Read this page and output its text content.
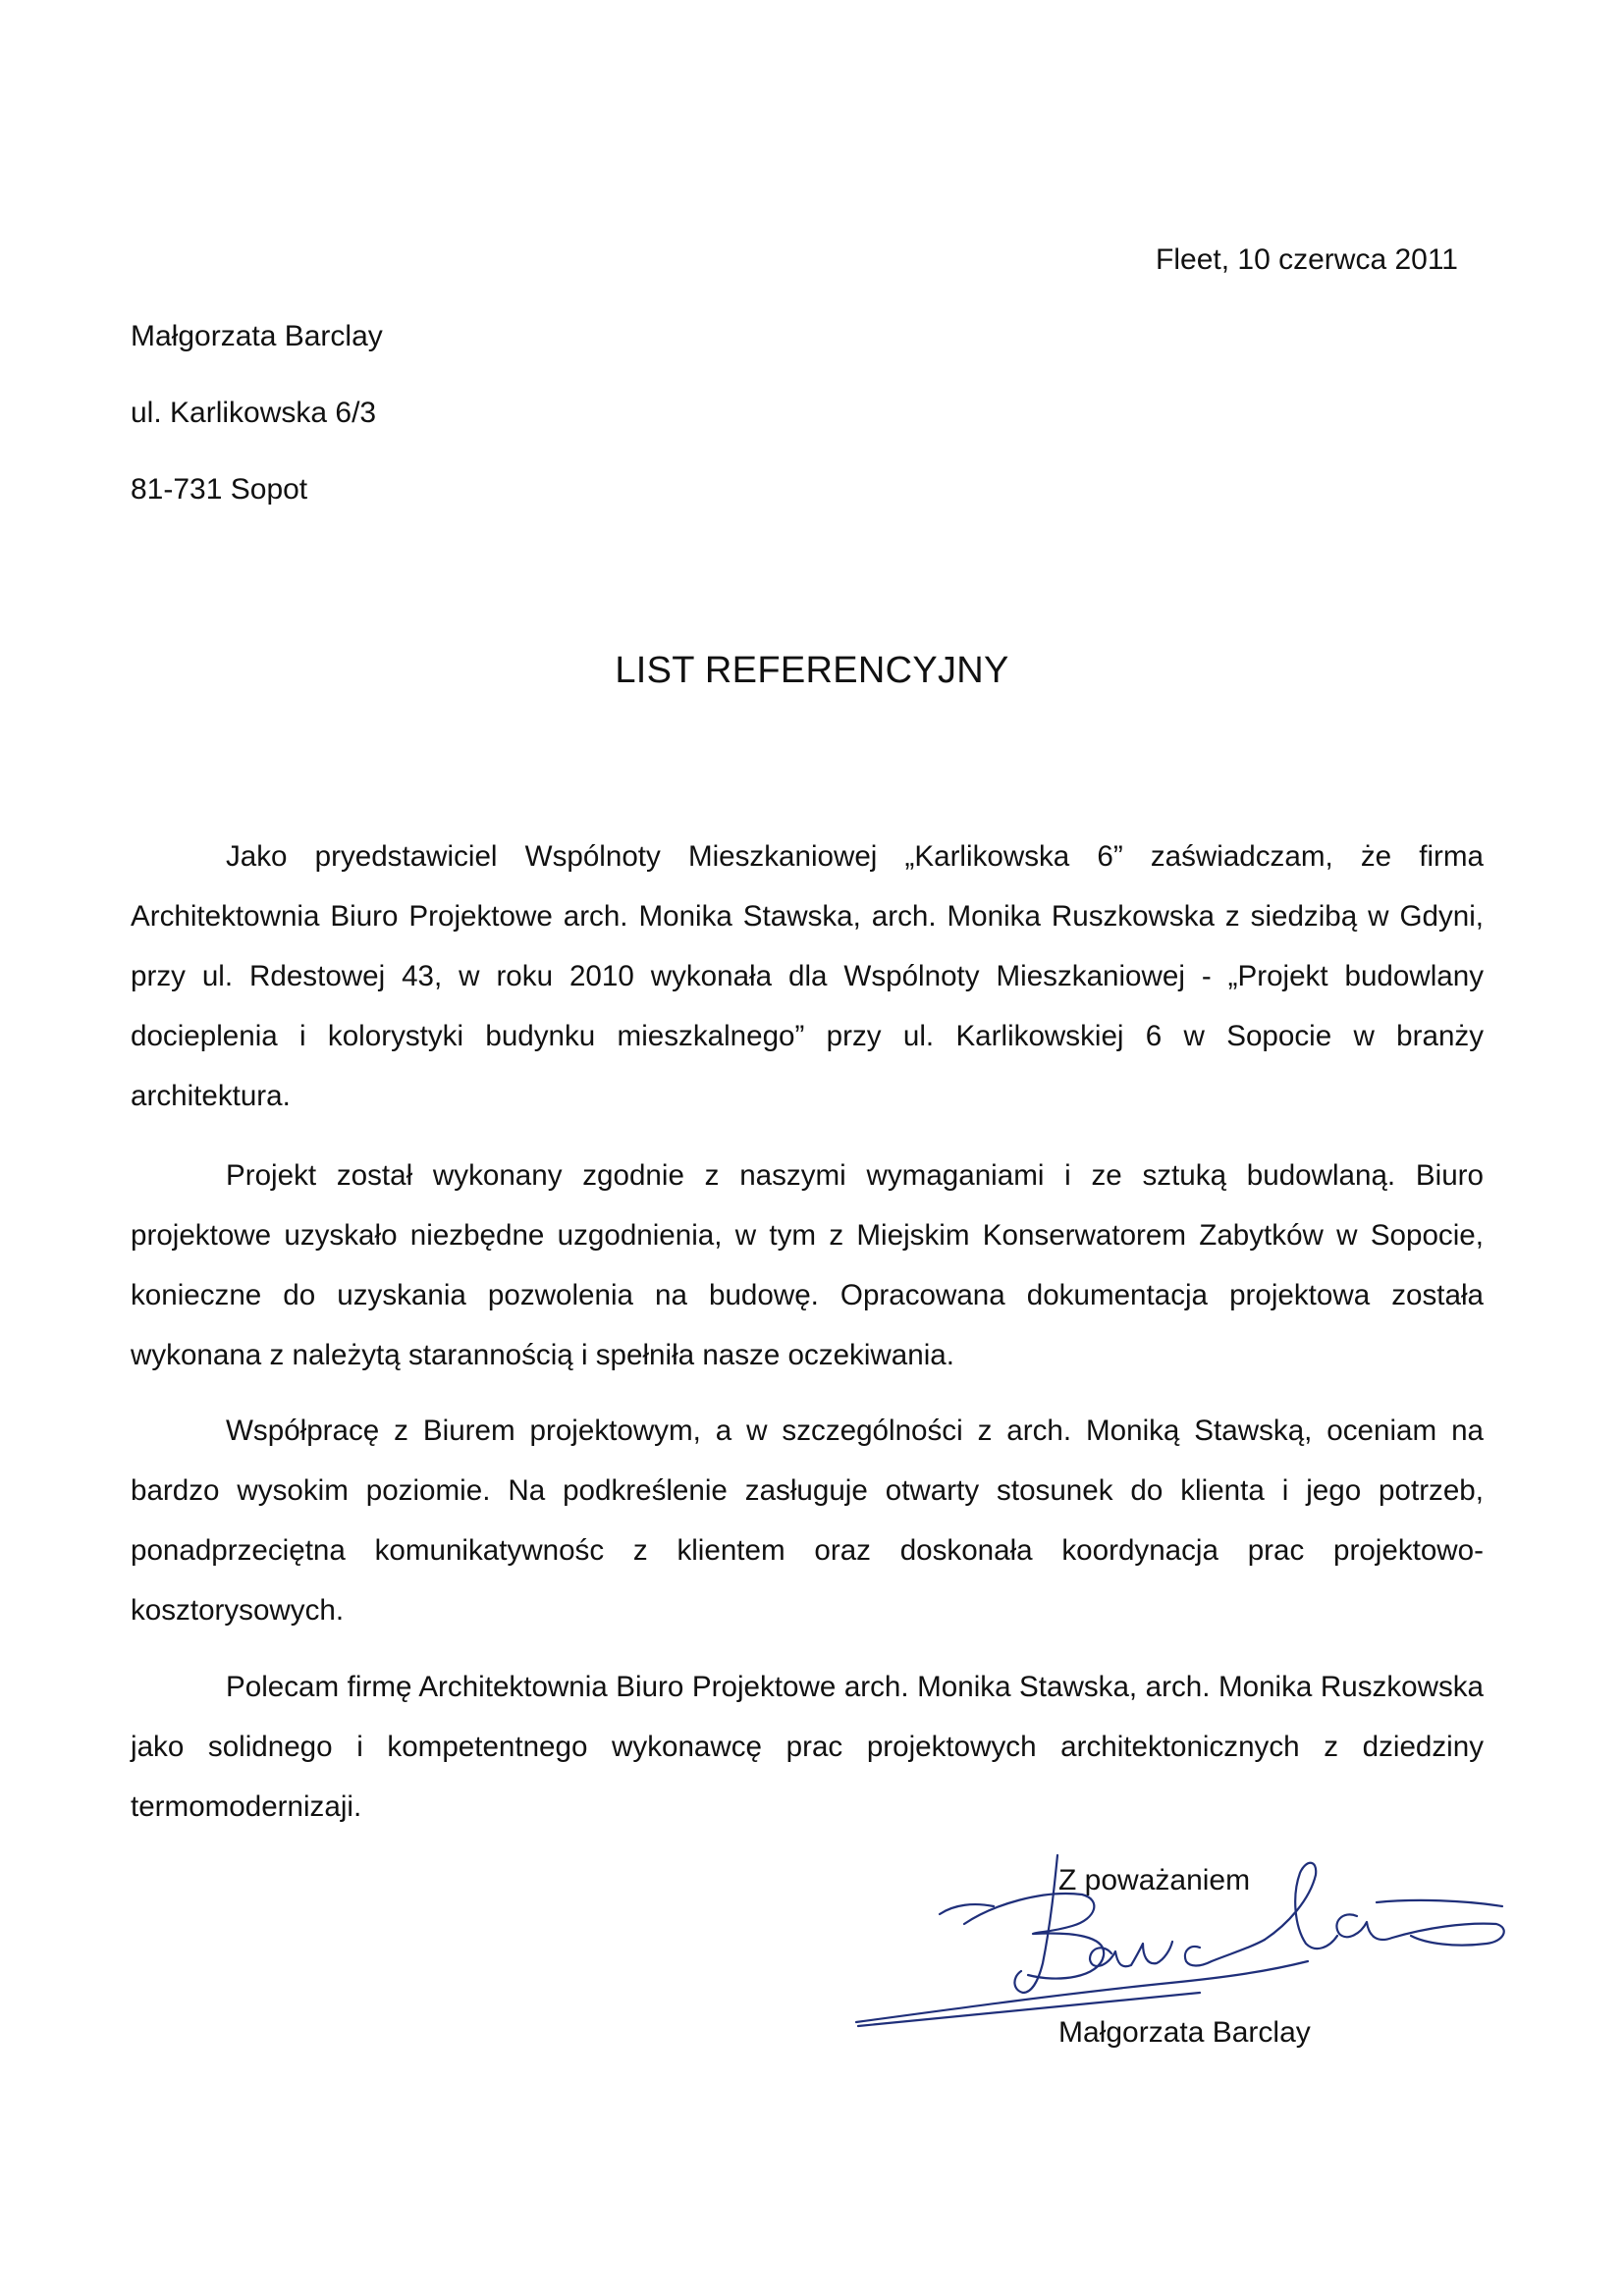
Fleet, 10 czerwca 2011
Małgorzata Barclay
ul. Karlikowska 6/3
81-731 Sopot
LIST REFERENCYJNY

Jako pryedstawiciel Wspólnoty Mieszkaniowej „Karlikowska 6” zaświadczam, że firma Architektownia Biuro Projektowe arch. Monika Stawska, arch. Monika Ruszkowska z siedzibą w Gdyni, przy ul. Rdestowej 43, w roku 2010 wykonała dla Wspólnoty Mieszkaniowej - „Projekt budowlany docieplenia i kolorystyki budynku mieszkalnego” przy ul. Karlikowskiej 6 w Sopocie w branży architektura.

Projekt został wykonany zgodnie z naszymi wymaganiami i ze sztuką budowlaną. Biuro projektowe uzyskało niezbędne uzgodnienia, w tym z Miejskim Konserwatorem Zabytków w Sopocie, konieczne do uzyskania pozwolenia na budowę. Opracowana dokumentacja projektowa została wykonana z należytą starannością i spełniła nasze oczekiwania.

Współpracę z Biurem projektowym, a w szczególności z arch. Moniką Stawską, oceniam na bardzo wysokim poziomie. Na podkreślenie zasługuje otwarty stosunek do klienta i jego potrzeb, ponadprzeciętna komunikatywnośc z klientem oraz doskonała koordynacja prac projektowo-kosztorysowych.

Polecam firmę Architektownia Biuro Projektowe arch. Monika Stawska, arch. Monika Ruszkowska jako solidnego i kompetentnego wykonawcę prac projektowych architektonicznych z dziedziny termomodernizaji.

Z poważaniem
Małgorzata Barclay
